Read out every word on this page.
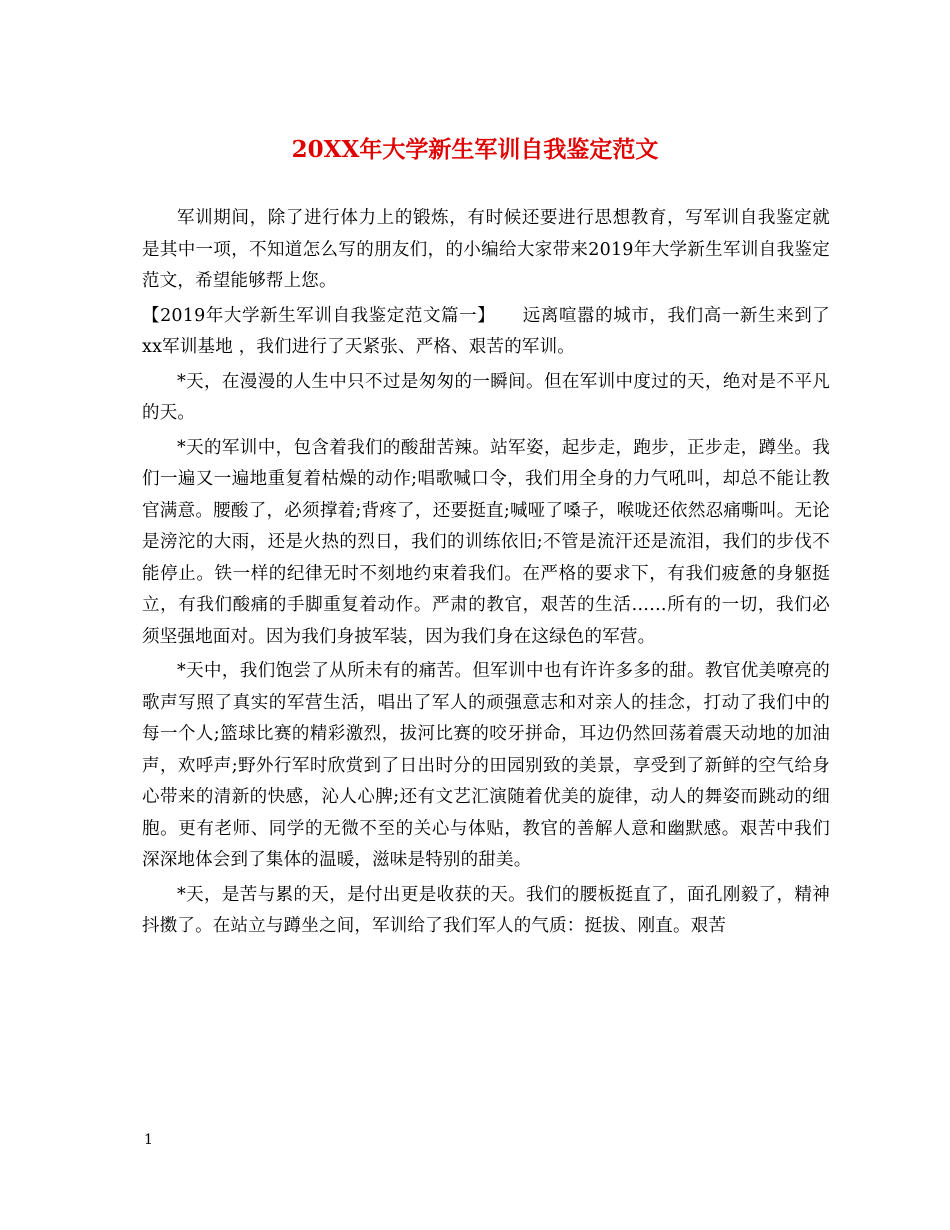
20XX年大学新生军训自我鉴定范文

军训期间，除了进行体力上的锻炼，有时候还要进行思想教育，写军训自我鉴定就是其中一项，不知道怎么写的朋友们，的小编给大家带来2019年大学新生军训自我鉴定范文，希望能够帮上您。

【2019年大学新生军训自我鉴定范文篇一】　　远离喧嚣的城市，我们高一新生来到了xx军训基地 ，我们进行了天紧张、严格、艰苦的军训。

*天，在漫漫的人生中只不过是匆匆的一瞬间。但在军训中度过的天，绝对是不平凡的天。

*天的军训中，包含着我们的酸甜苦辣。站军姿，起步走，跑步，正步走，蹲坐。我们一遍又一遍地重复着枯燥的动作;唱歌喊口令，我们用全身的力气吼叫，却总不能让教官满意。腰酸了，必须撑着;背疼了，还要挺直;喊哑了嗓子，喉咙还依然忍痛嘶叫。无论是滂沱的大雨，还是火热的烈日，我们的训练依旧;不管是流汗还是流泪，我们的步伐不能停止。铁一样的纪律无时不刻地约束着我们。在严格的要求下，有我们疲惫的身躯挺立，有我们酸痛的手脚重复着动作。严肃的教官，艰苦的生活……所有的一切，我们必须坚强地面对。因为我们身披军装，因为我们身在这绿色的军营。

*天中，我们饱尝了从所未有的痛苦。但军训中也有许许多多的甜。教官优美嘹亮的歌声写照了真实的军营生活，唱出了军人的顽强意志和对亲人的挂念，打动了我们中的每一个人;篮球比赛的精彩激烈，拔河比赛的咬牙拼命，耳边仍然回荡着震天动地的加油声，欢呼声;野外行军时欣赏到了日出时分的田园别致的美景，享受到了新鲜的空气给身心带来的清新的快感，沁人心脾;还有文艺汇演随着优美的旋律，动人的舞姿而跳动的细胞。更有老师、同学的无微不至的关心与体贴，教官的善解人意和幽默感。艰苦中我们深深地体会到了集体的温暖，滋味是特别的甜美。

*天，是苦与累的天，是付出更是收获的天。我们的腰板挺直了，面孔刚毅了，精神抖擞了。在站立与蹲坐之间，军训给了我们军人的气质：挺拔、刚直。艰苦

1
